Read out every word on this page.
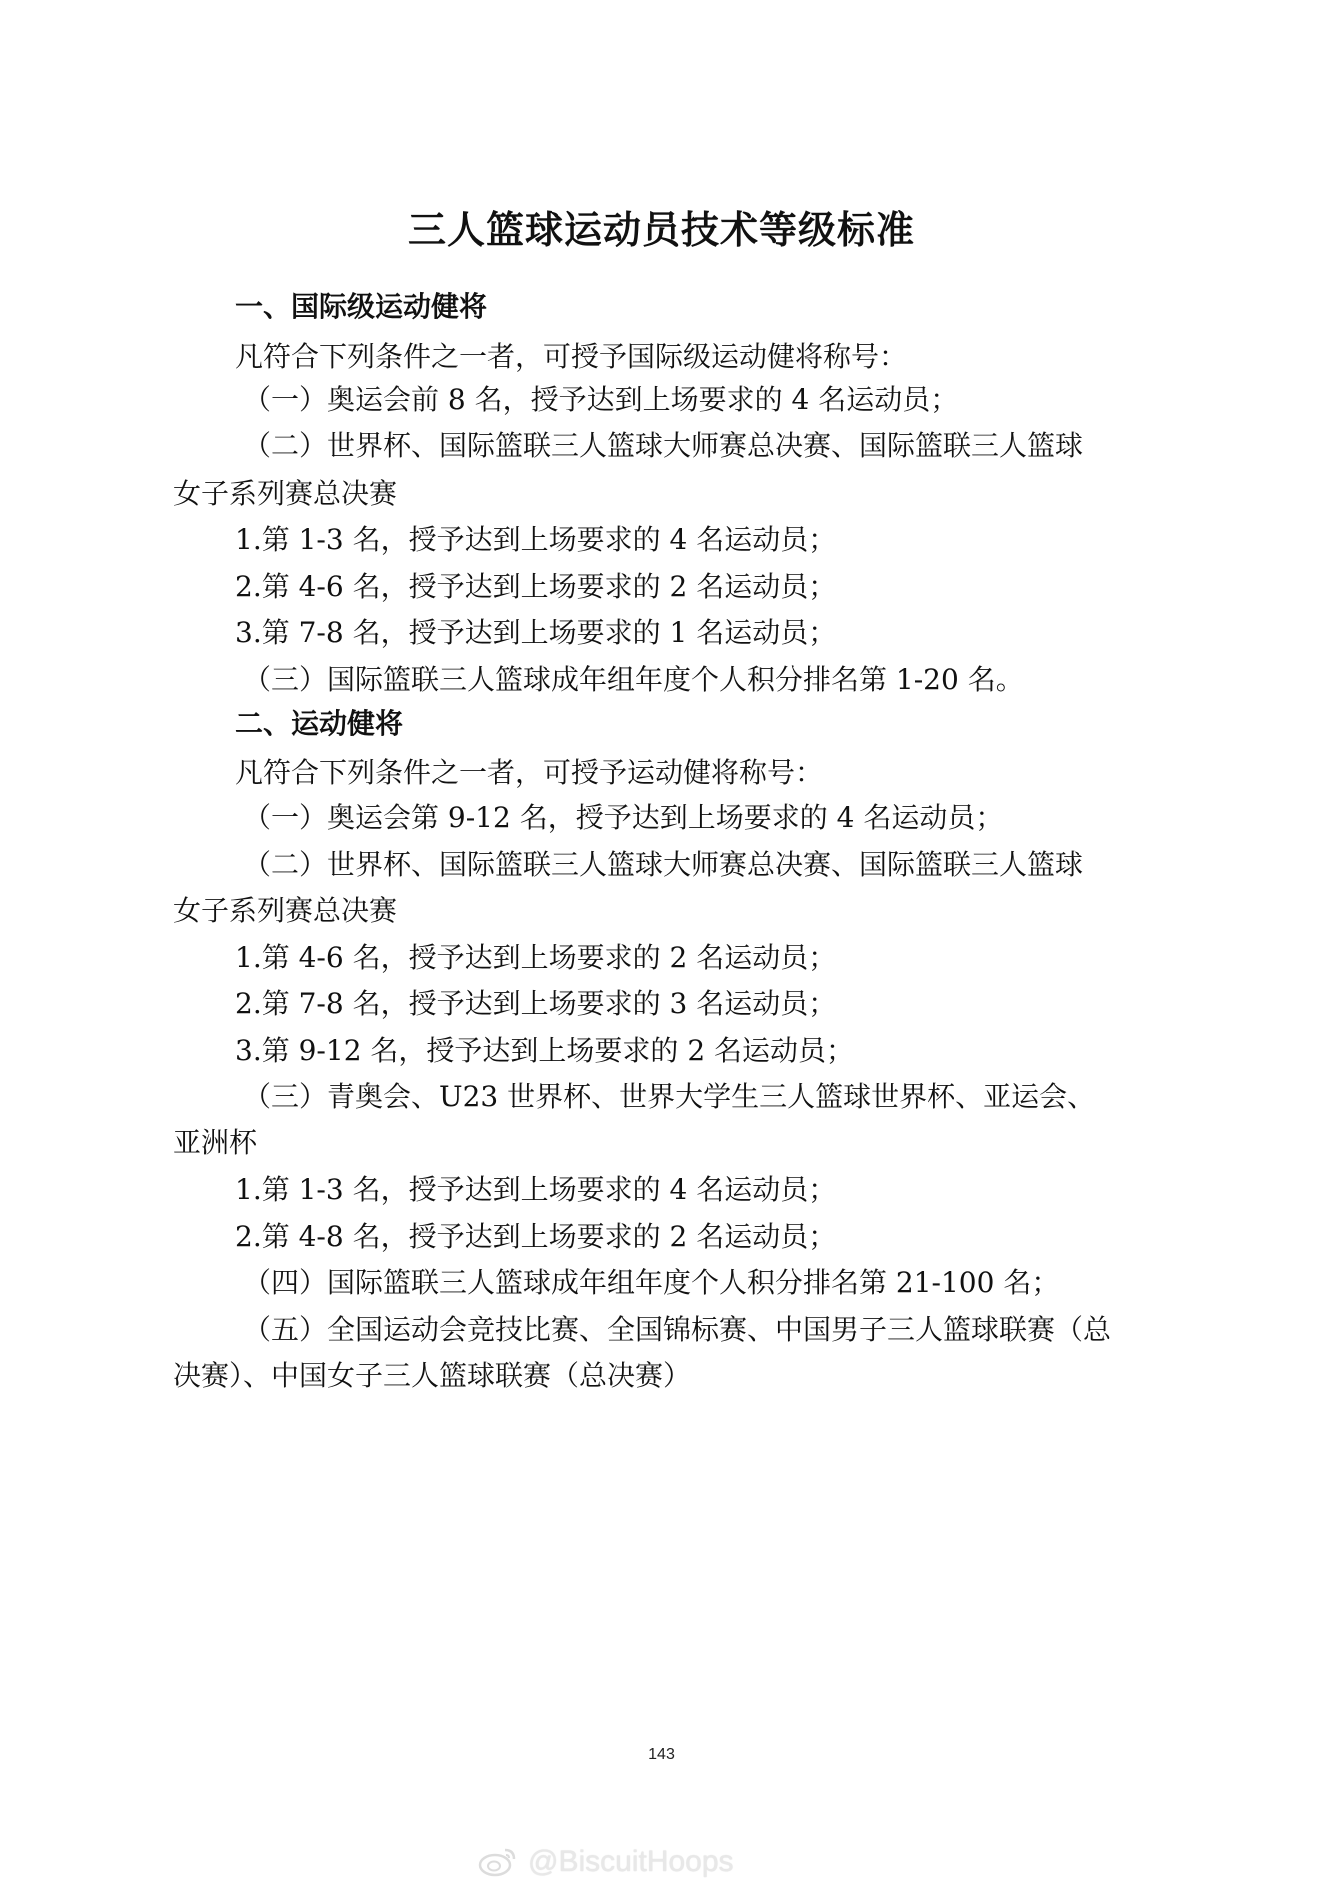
三人篮球运动员技术等级标准
一、国际级运动健将
凡符合下列条件之一者，可授予国际级运动健将称号：
（一）奥运会前 8 名，授予达到上场要求的 4 名运动员；
（二）世界杯、国际篮联三人篮球大师赛总决赛、国际篮联三人篮球
女子系列赛总决赛
1.第 1-3 名，授予达到上场要求的 4 名运动员；
2.第 4-6 名，授予达到上场要求的 2 名运动员；
3.第 7-8 名，授予达到上场要求的 1 名运动员；
（三）国际篮联三人篮球成年组年度个人积分排名第 1-20 名。
二、运动健将
凡符合下列条件之一者，可授予运动健将称号：
（一）奥运会第 9-12 名，授予达到上场要求的 4 名运动员；
（二）世界杯、国际篮联三人篮球大师赛总决赛、国际篮联三人篮球
女子系列赛总决赛
1.第 4-6 名，授予达到上场要求的 2 名运动员；
2.第 7-8 名，授予达到上场要求的 3 名运动员；
3.第 9-12 名，授予达到上场要求的 2 名运动员；
（三）青奥会、U23 世界杯、世界大学生三人篮球世界杯、亚运会、
亚洲杯
1.第 1-3 名，授予达到上场要求的 4 名运动员；
2.第 4-8 名，授予达到上场要求的 2 名运动员；
（四）国际篮联三人篮球成年组年度个人积分排名第 21-100 名；
（五）全国运动会竞技比赛、全国锦标赛、中国男子三人篮球联赛（总
决赛）、中国女子三人篮球联赛（总决赛）
143
@BiscuitHoops
